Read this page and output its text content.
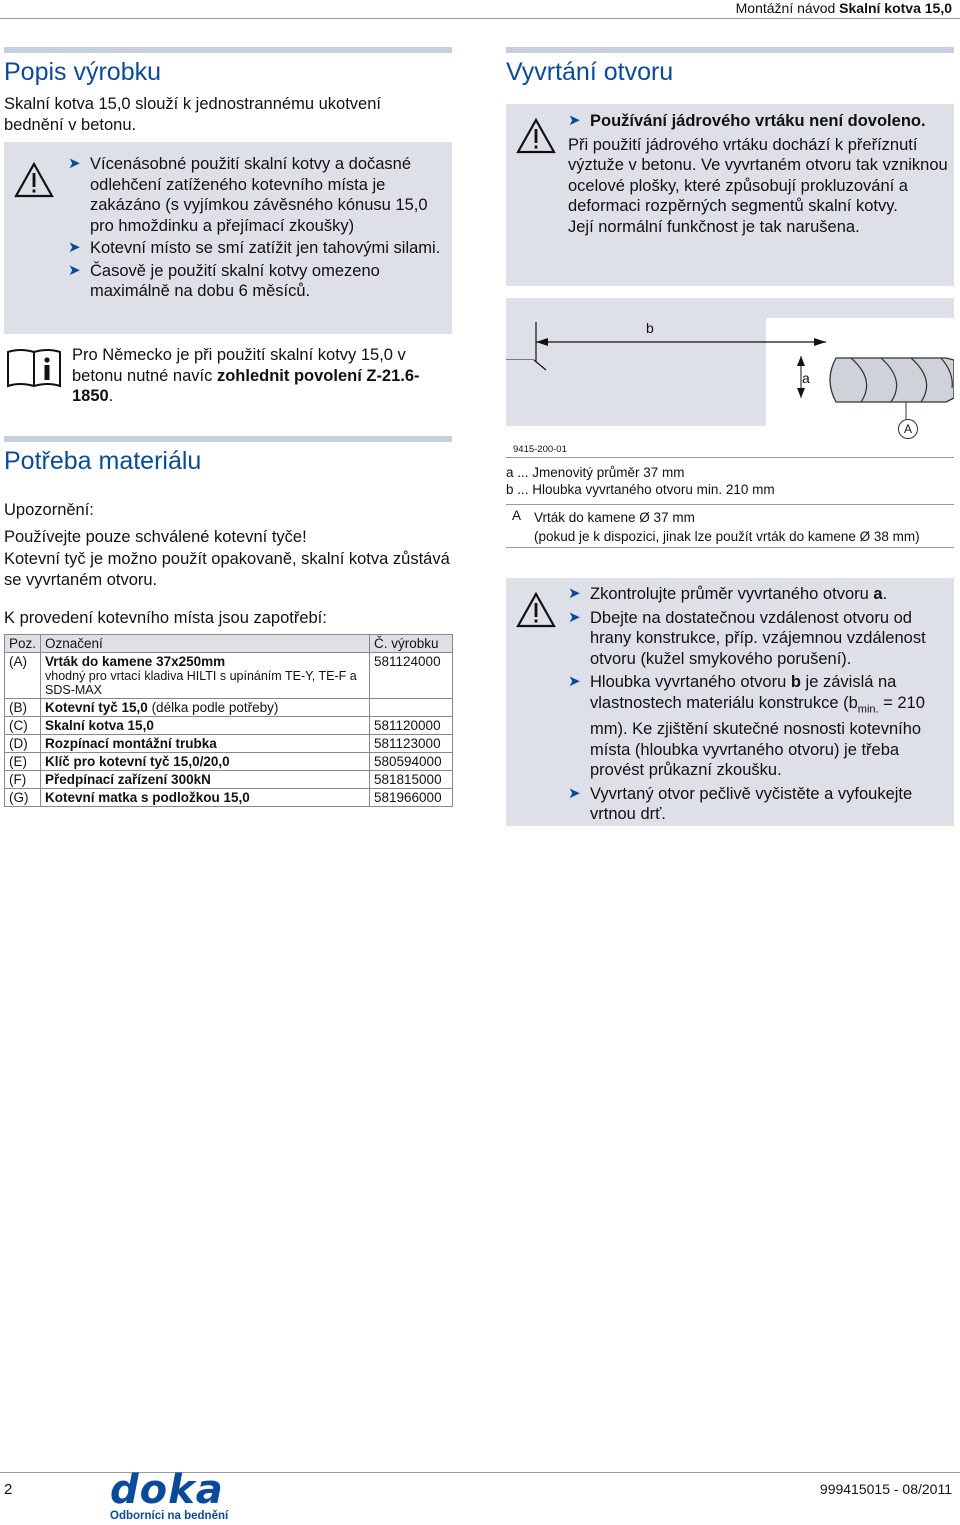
Montážní návod Skalní kotva 15,0
Popis výrobku
Skalní kotva 15,0 slouží k jednostrannému ukotvení bednění v betonu.
➤ Vícenásobné použití skalní kotvy a dočasné odlehčení zatíženého kotevního místa je zakázáno (s vyjímkou závěsného kónusu 15,0 pro hmoždinku a přejímací zkoušky)
➤ Kotevní místo se smí zatížit jen tahovými silami.
➤ Časově je použití skalní kotvy omezeno maximálně na dobu 6 měsíců.
Pro Německo je při použití skalní kotvy 15,0 v betonu nutné navíc zohlednit povolení Z-21.6-1850.
Potřeba materiálu
Upozornění:
Používejte pouze schválené kotevní tyče!
Kotevní tyč je možno použít opakovaně, skalní kotva zůstává se vyvrtaném otvoru.
K provedení kotevního místa jsou zapotřebí:
Poz.	Označení	Č. výrobku
(A)	Vrták do kamene 37x250mm
vhodný pro vrtací kladiva HILTI s upínáním TE-Y, TE-F a SDS-MAX	581124000
(B)	Kotevní tyč 15,0 (délka podle potřeby)	
(C)	Skalní kotva 15,0	581120000
(D)	Rozpínací montážní trubka	581123000
(E)	Klíč pro kotevní tyč 15,0/20,0	580594000
(F)	Předpínací zařízení 300kN	581815000
(G)	Kotevní matka s podložkou 15,0	581966000
Vyvrtání otvoru
➤ Používání jádrového vrtáku není dovoleno.
Při použití jádrového vrtáku dochází k přeříznutí výztuže v betonu. Ve vyvrtaném otvoru tak vzniknou ocelové plošky, které způsobují prokluzování a deformaci rozpěrných segmentů skalní kotvy.
Její normální funkčnost je tak narušena.
b
a
A
9415-200-01
a ... Jmenovitý průměr 37 mm
b ... Hloubka vyvrtaného otvoru min. 210 mm
A Vrták do kamene Ø 37 mm
(pokud je k dispozici, jinak lze použít vrták do kamene Ø 38 mm)
➤ Zkontrolujte průměr vyvrtaného otvoru a.
➤ Dbejte na dostatečnou vzdálenost otvoru od hrany konstrukce, příp. vzájemnou vzdálenost otvoru (kužel smykového porušení).
➤ Hloubka vyvrtaného otvoru b je závislá na vlastnostech materiálu konstrukce ($b_{min.} = 210$ mm). Ke zjištění skutečné nosnosti kotevního místa (hloubka vyvrtaného otvoru) je třeba provést průkazní zkoušku.
➤ Vyvrtaný otvor pečlivě vyčistěte a vyfoukejte vrtnou drť.
2 doka
Odborníci na bednění
999415015 - 08/2011
